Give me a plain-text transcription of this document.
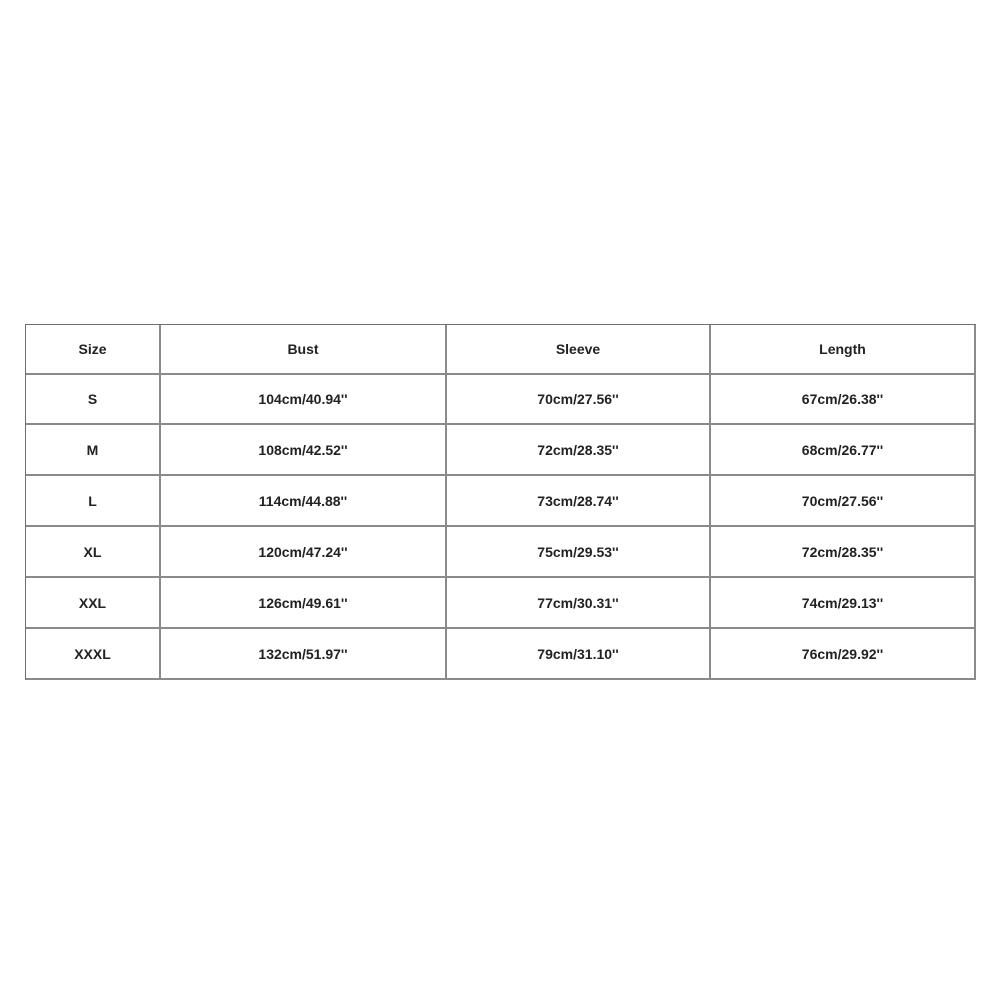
Size	Bust	Sleeve	Length
S	104cm/40.94''	70cm/27.56''	67cm/26.38''
M	108cm/42.52''	72cm/28.35''	68cm/26.77''
L	114cm/44.88''	73cm/28.74''	70cm/27.56''
XL	120cm/47.24''	75cm/29.53''	72cm/28.35''
XXL	126cm/49.61''	77cm/30.31''	74cm/29.13''
XXXL	132cm/51.97''	79cm/31.10''	76cm/29.92''
